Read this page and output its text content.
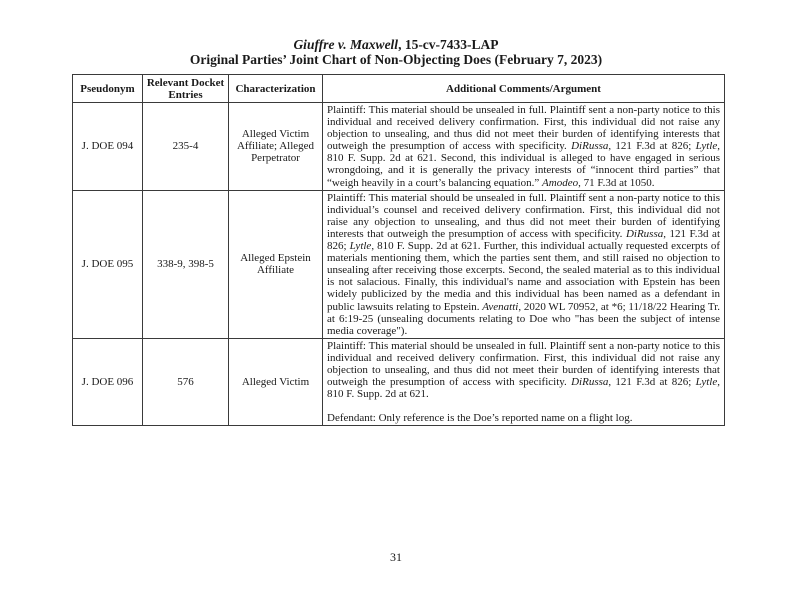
Giuffre v. Maxwell, 15-cv-7433-LAP
Original Parties’ Joint Chart of Non-Objecting Does (February 7, 2023)
Pseudonym	Relevant Docket Entries	Characterization	Additional Comments/Argument
J. DOE 094	235-4	Alleged Victim Affiliate; Alleged Perpetrator	Plaintiff: This material should be unsealed in full. Plaintiff sent a non-party notice to this individual and received delivery confirmation. First, this individual did not raise any objection to unsealing, and thus did not meet their burden of identifying interests that outweigh the presumption of access with specificity. DiRussa, 121 F.3d at 826; Lytle, 810 F. Supp. 2d at 621. Second, this individual is alleged to have engaged in serious wrongdoing, and it is generally the privacy interests of “innocent third parties” that “weigh heavily in a court’s balancing equation.” Amodeo, 71 F.3d at 1050.

J. DOE 095	338-9, 398-5	Alleged Epstein Affiliate	Plaintiff: This material should be unsealed in full. Plaintiff sent a non-party notice to this individual’s counsel and received delivery confirmation. First, this individual did not raise any objection to unsealing, and thus did not meet their burden of identifying interests that outweigh the presumption of access with specificity. DiRussa, 121 F.3d at 826; Lytle, 810 F. Supp. 2d at 621. Further, this individual actually requested excerpts of materials mentioning them, which the parties sent them, and still raised no objection to unsealing after receiving those excerpts. Second, the sealed material as to this individual is not salacious. Finally, this individual's name and association with Epstein has been widely publicized by the media and this individual has been named as a defendant in public lawsuits relating to Epstein. Avenatti, 2020 WL 70952, at *6; 11/18/22 Hearing Tr. at 6:19-25 (unsealing documents relating to Doe who "has been the subject of intense media coverage").

J. DOE 096	576	Alleged Victim	Plaintiff: This material should be unsealed in full. Plaintiff sent a non-party notice to this individual and received delivery confirmation. First, this individual did not raise any objection to unsealing, and thus did not meet their burden of identifying interests that outweigh the presumption of access with specificity. DiRussa, 121 F.3d at 826; Lytle, 810 F. Supp. 2d at 621.

Defendant: Only reference is the Doe’s reported name on a flight log.

31
